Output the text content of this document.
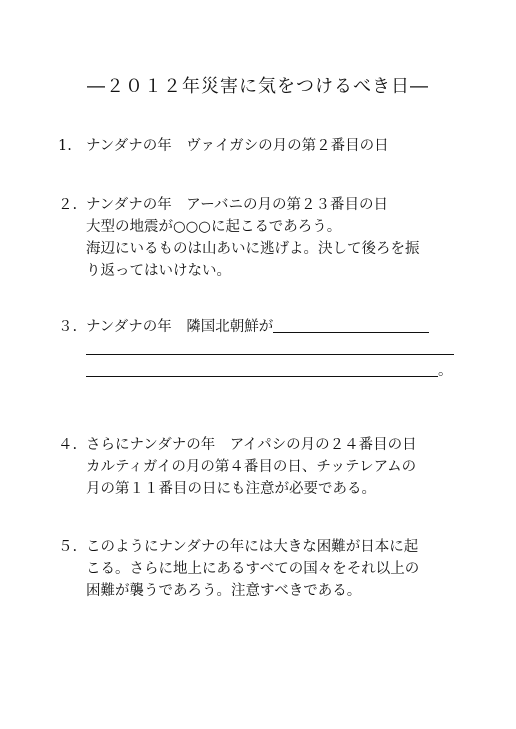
―２０１２年災害に気をつけるべき日―
1. ナンダナの年　ヴァイガシの月の第２番目の日
２. ナンダナの年　アーバニの月の第２３番目の日
大型の地震が○○○に起こるであろう。
海辺にいるものは山あいに逃げよ。決して後ろを振
り返ってはいけない。
３. ナンダナの年　隣国北朝鮮が
。
４. さらにナンダナの年　アイパシの月の２４番目の日
カルティガイの月の第４番目の日、チッテレアムの
月の第１１番目の日にも注意が必要である。
５. このようにナンダナの年には大きな困難が日本に起
こる。さらに地上にあるすべての国々をそれ以上の
困難が襲うであろう。注意すべきである。
